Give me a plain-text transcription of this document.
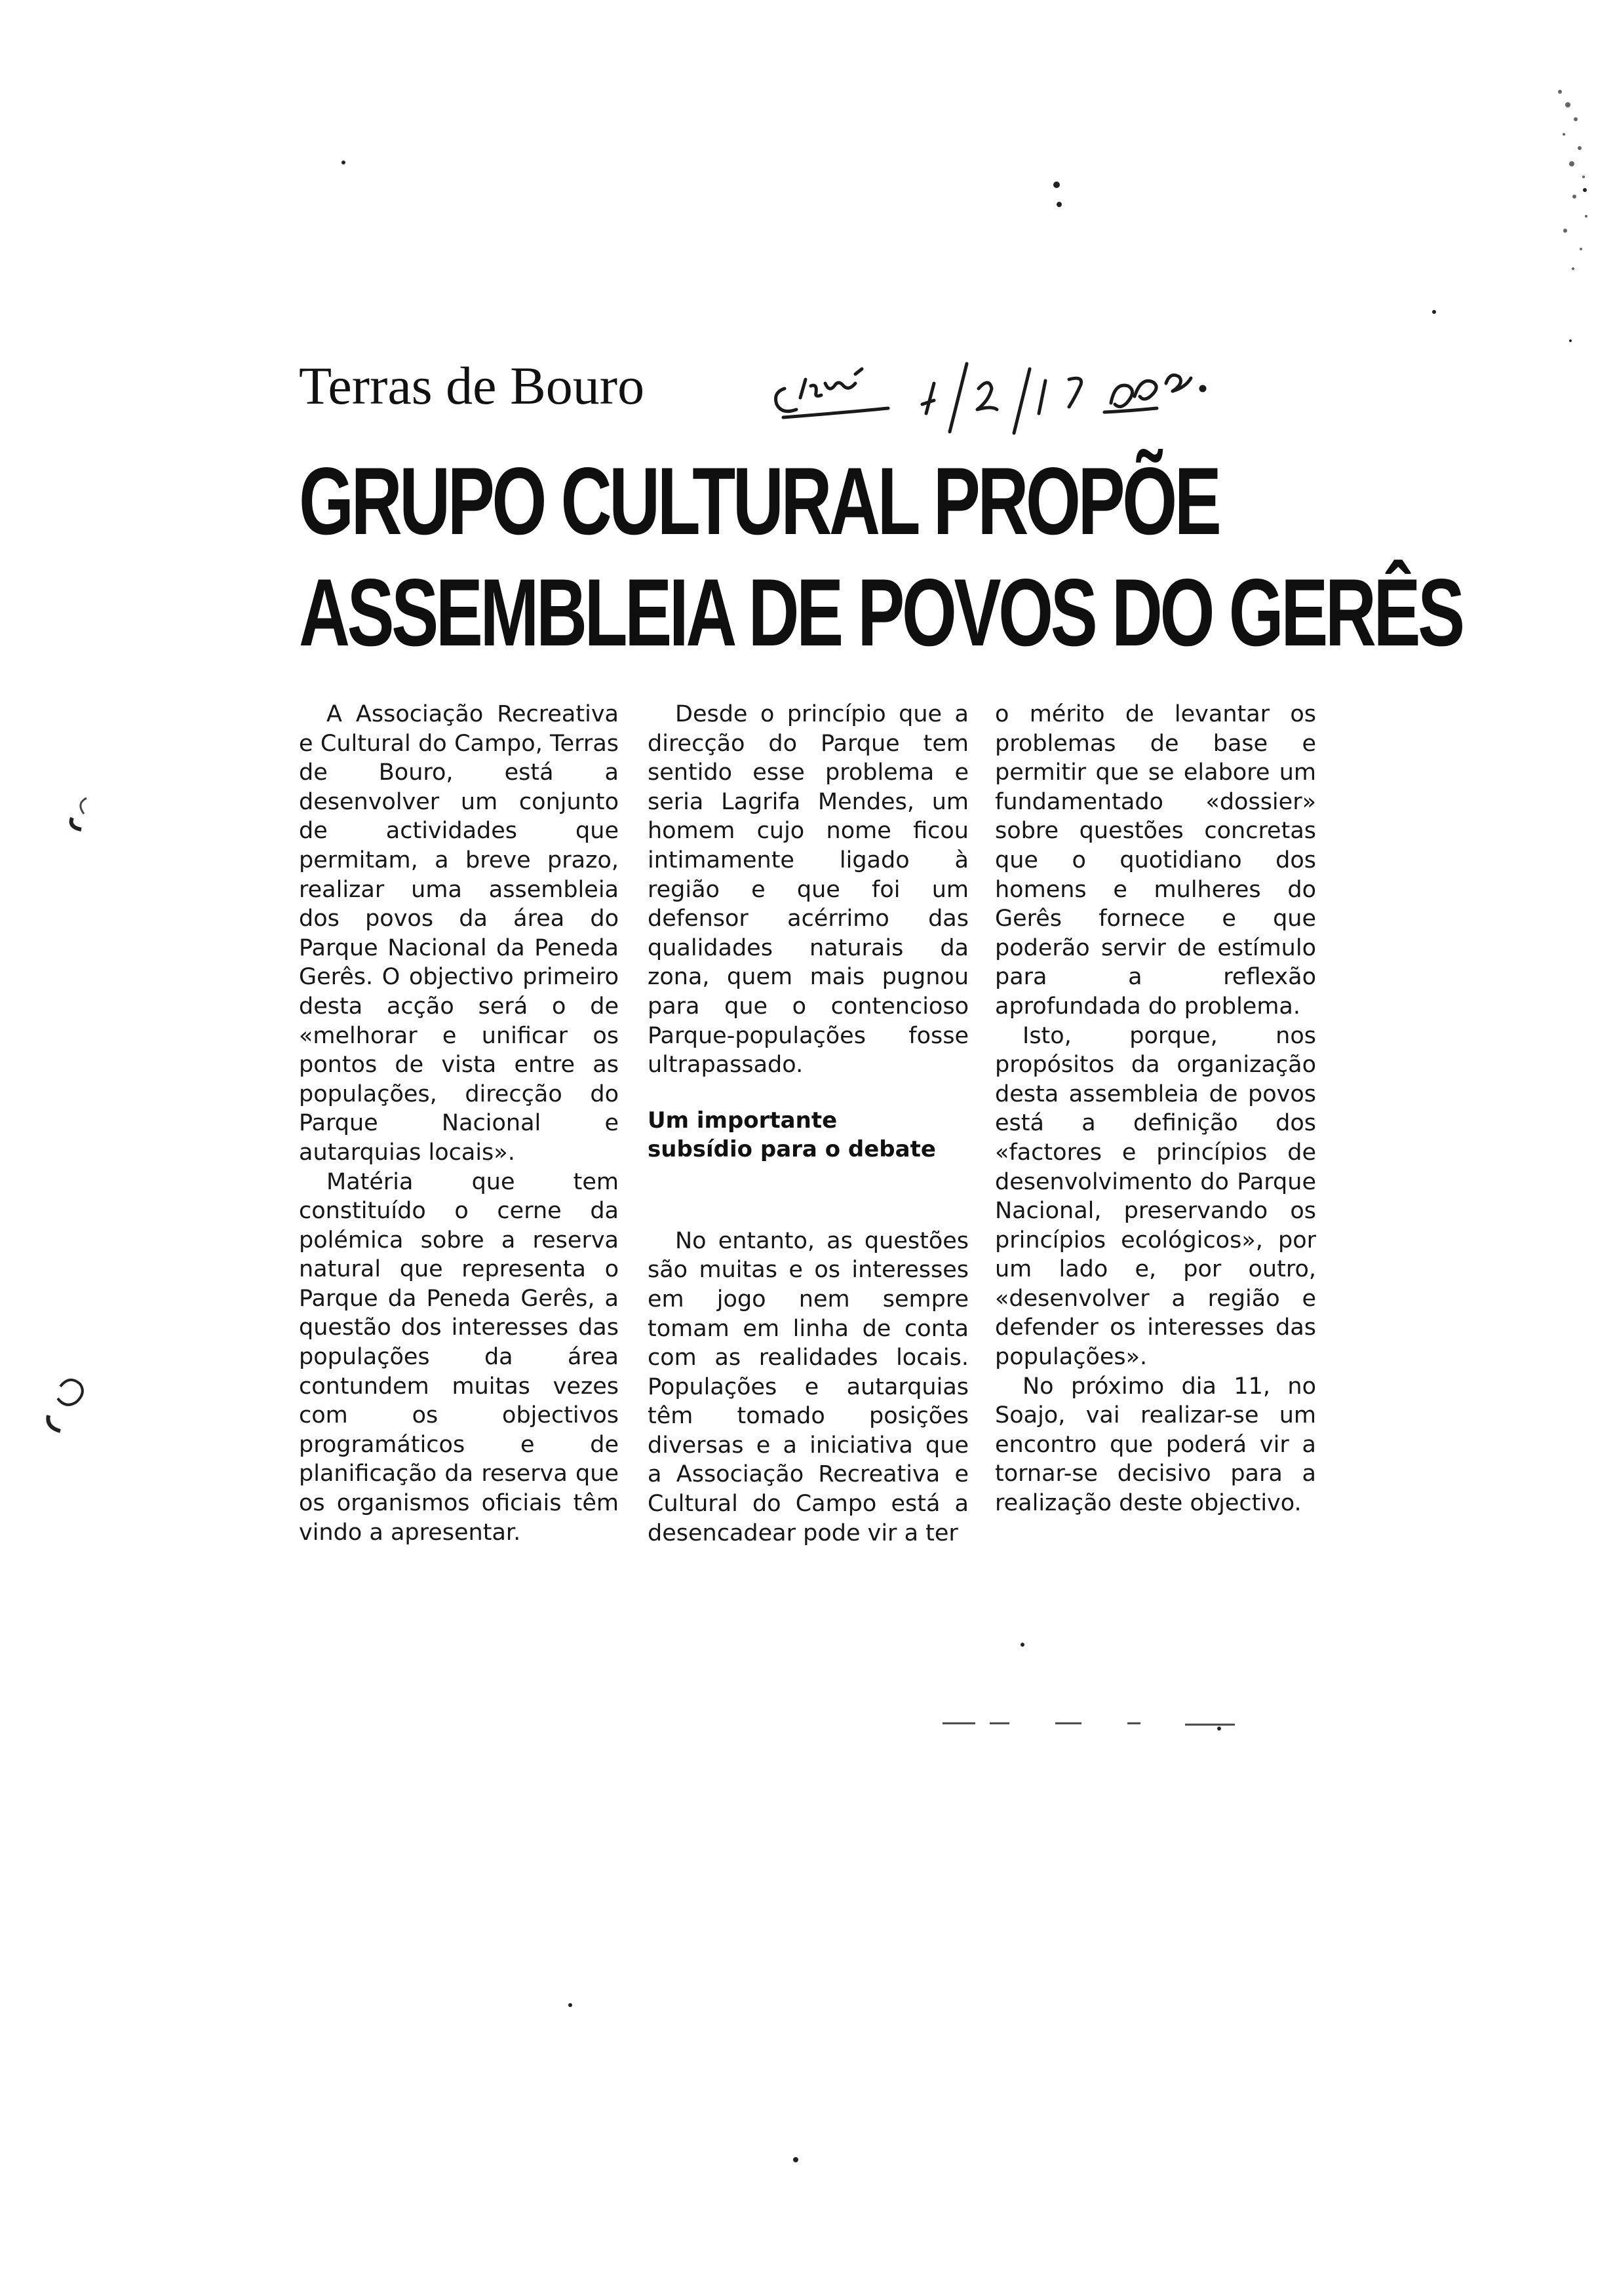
Terras de Bouro
GRUPO CULTURAL PROPÕE
ASSEMBLEIA DE POVOS DO GERÊS

A Associação Recreativa e Cultural do Campo, Terras de Bouro, está a desenvolver um conjunto de actividades que permitam, a breve prazo, realizar uma assembleia dos povos da área do Parque Nacional da Peneda Gerês. O objectivo primeiro desta acção será o de «melhorar e unificar os pontos de vista entre as populações, direcção do Parque Nacional e autarquias locais».

Matéria que tem constituído o cerne da polémica sobre a reserva natural que representa o Parque da Peneda Gerês, a questão dos interesses das populações da área contundem muitas vezes com os objectivos programáticos e de planificação da reserva que os organismos oficiais têm vindo a apresentar.

Desde o princípio que a direcção do Parque tem sentido esse problema e seria Lagrifa Mendes, um homem cujo nome ficou intimamente ligado à região e que foi um defensor acérrimo das qualidades naturais da zona, quem mais pugnou para que o contencioso Parque-populações fosse ultrapassado.

Um importante
subsídio para o debate

No entanto, as questões são muitas e os interesses em jogo nem sempre tomam em linha de conta com as realidades locais. Populações e autarquias têm tomado posições diversas e a iniciativa que a Associação Recreativa e Cultural do Campo está a desencadear pode vir a ter

o mérito de levantar os problemas de base e permitir que se elabore um fundamentado «dossier» sobre questões concretas que o quotidiano dos homens e mulheres do Gerês fornece e que poderão servir de estímulo para a reflexão aprofundada do problema.

Isto, porque, nos propósitos da organização desta assembleia de povos está a definição dos «factores e princípios de desenvolvimento do Parque Nacional, preservando os princípios ecológicos», por um lado e, por outro, «desenvolver a região e defender os interesses das populações».

No próximo dia 11, no Soajo, vai realizar-se um encontro que poderá vir a tornar-se decisivo para a realização deste objectivo.
